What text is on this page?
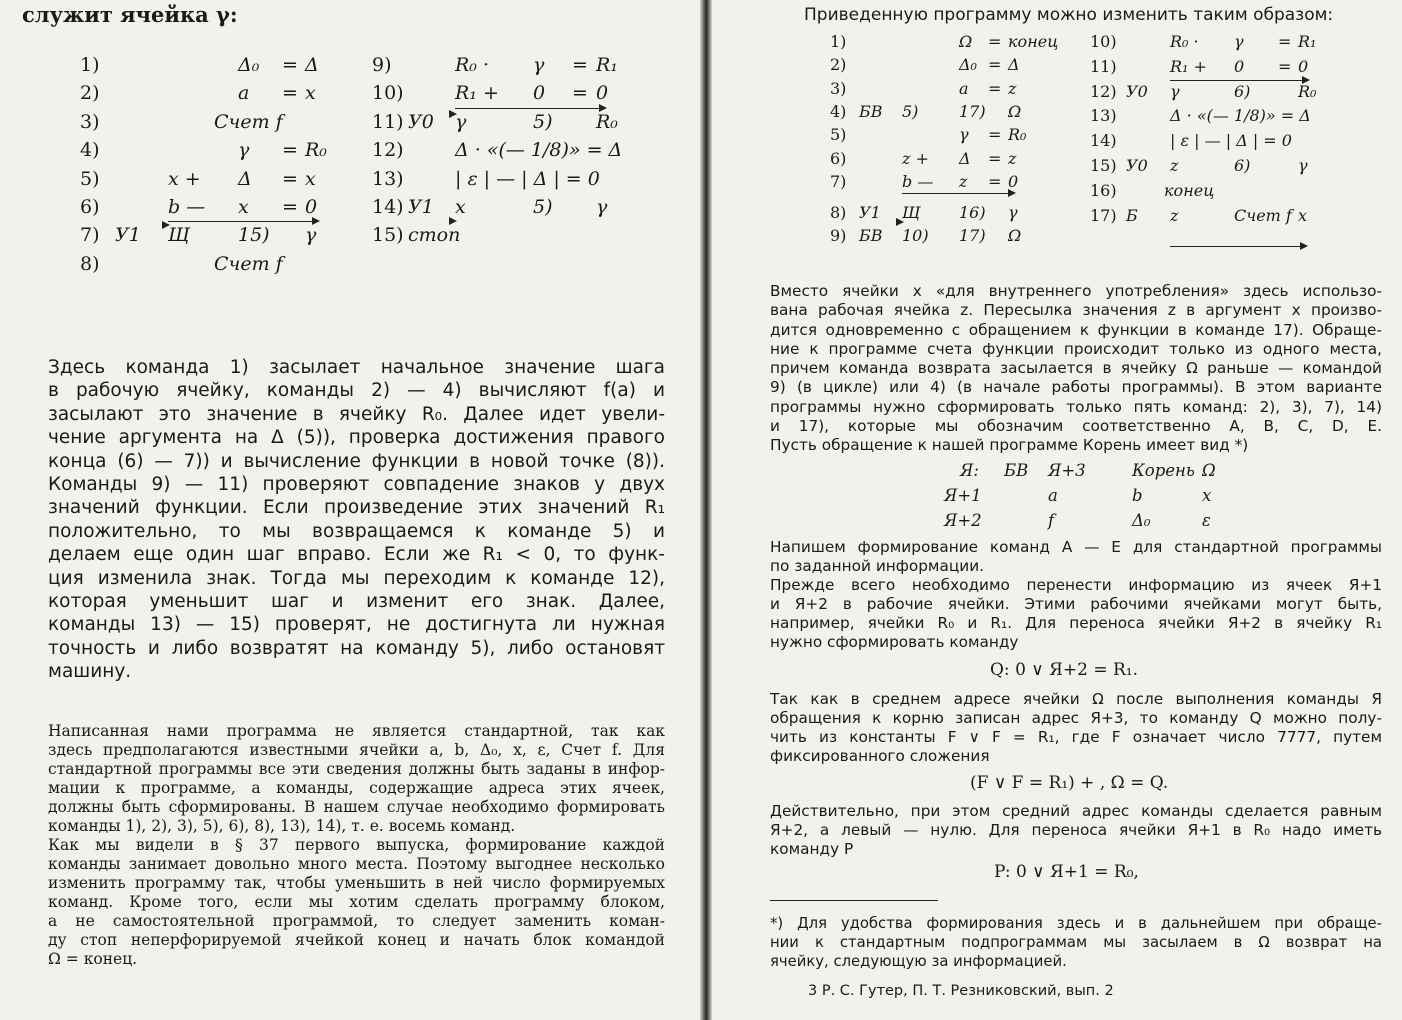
служит ячейка γ:
1)	Δ₀ = Δ
2)	a = x
3)	Счет f
4)	γ = R₀
5)	x + Δ = x
6)	b — x = 0
7) У1 Щ	15) γ
8)	Счет f
9)	R₀ · γ = R₁
10)	R₁ + 0 = 0
11) У0 γ	5) R₀
12)	Δ · «(— 1/8)» = Δ
13)	| ε | — | Δ | = 0
14) У1 x	5) γ
15) стоп
Здесь команда 1) засылает начальное значение шага
в рабочую ячейку, команды 2) — 4) вычисляют f(a) и
засылают это значение в ячейку R₀. Далее идет увели-
чение аргумента на Δ (5)), проверка достижения правого
конца (6) — 7)) и вычисление функции в новой точке (8)).
Команды 9) — 11) проверяют совпадение знаков у двух
значений функции. Если произведение этих значений R₁
положительно, то мы возвращаемся к команде 5) и
делаем еще один шаг вправо. Если же R₁ < 0, то функ-
ция изменила знак. Тогда мы переходим к команде 12),
которая уменьшит шаг и изменит его знак. Далее,
команды 13) — 15) проверят, не достигнута ли нужная
точность и либо возвратят на команду 5), либо остановят
машину.
Написанная нами программа не является стандартной, так как
здесь предполагаются известными ячейки a, b, Δ₀, x, ε, Счет f. Для
стандартной программы все эти сведения должны быть заданы в инфор-
мации к программе, а команды, содержащие адреса этих ячеек,
должны быть сформированы. В нашем случае необходимо формировать
команды 1), 2), 3), 5), 6), 8), 13), 14), т. е. восемь команд.
Как мы видели в § 37 первого выпуска, формирование каждой
команды занимает довольно много места. Поэтому выгоднее несколько
изменить программу так, чтобы уменьшить в ней число формируемых
команд. Кроме того, если мы хотим сделать программу блоком,
а не самостоятельной программой, то следует заменить коман-
ду стоп неперфорируемой ячейкой конец и начать блок командой
Ω = конец.
Приведенную программу можно изменить таким образом:
1)	Ω = конец
2)	Δ₀ = Δ
3)	a = z
4) БВ 5)	17) Ω
5)	γ = R₀
6)	z + Δ = z
7)	b — z = 0
8) У1 Щ 16) γ
9) БВ 10) 17) Ω
10)	R₀ · γ = R₁
11)	R₁ + 0 = 0
12) У0 γ	6)	R₀
13)	Δ · «(— 1/8)» = Δ
14)	| ε | — | Δ | = 0
15) У0 z	6)	γ
16)	конец
17) Б z	Счет f x
Вместо ячейки x «для внутреннего употребления» здесь использо-
вана рабочая ячейка z. Пересылка значения z в аргумент x произво-
дится одновременно с обращением к функции в команде 17). Обраще-
ние к программе счета функции происходит только из одного места,
причем команда возврата засылается в ячейку Ω раньше — командой
9) (в цикле) или 4) (в начале работы программы). В этом варианте
программы нужно сформировать только пять команд: 2), 3), 7), 14)
и 17), которые мы обозначим соответственно A, B, C, D, E.
Пусть обращение к нашей программе Корень имеет вид *)
Я: БВ Я+3	Корень Ω
Я+1	a	b	x
Я+2	f	Δ₀	ε
Напишем формирование команд A — E для стандартной программы
по заданной информации.
Прежде всего необходимо перенести информацию из ячеек Я+1
и Я+2 в рабочие ячейки. Этими рабочими ячейками могут быть,
например, ячейки R₀ и R₁. Для переноса ячейки Я+2 в ячейку R₁
нужно сформировать команду
Q: 0 ∨ Я+2 = R₁.
Так как в среднем адресе ячейки Ω после выполнения команды Я
обращения к корню записан адрес Я+3, то команду Q можно полу-
чить из константы F ∨ F = R₁, где F означает число 7777, путем
фиксированного сложения
(F ∨ F = R₁) + , Ω = Q.
Действительно, при этом средний адрес команды сделается равным
Я+2, а левый — нулю. Для переноса ячейки Я+1 в R₀ надо иметь
команду P
P: 0 ∨ Я+1 = R₀,
*) Для удобства формирования здесь и в дальнейшем при обраще-
нии к стандартным подпрограммам мы засылаем в Ω возврат на
ячейку, следующую за информацией.
3 Р. С. Гутер, П. Т. Резниковский, вып. 2
